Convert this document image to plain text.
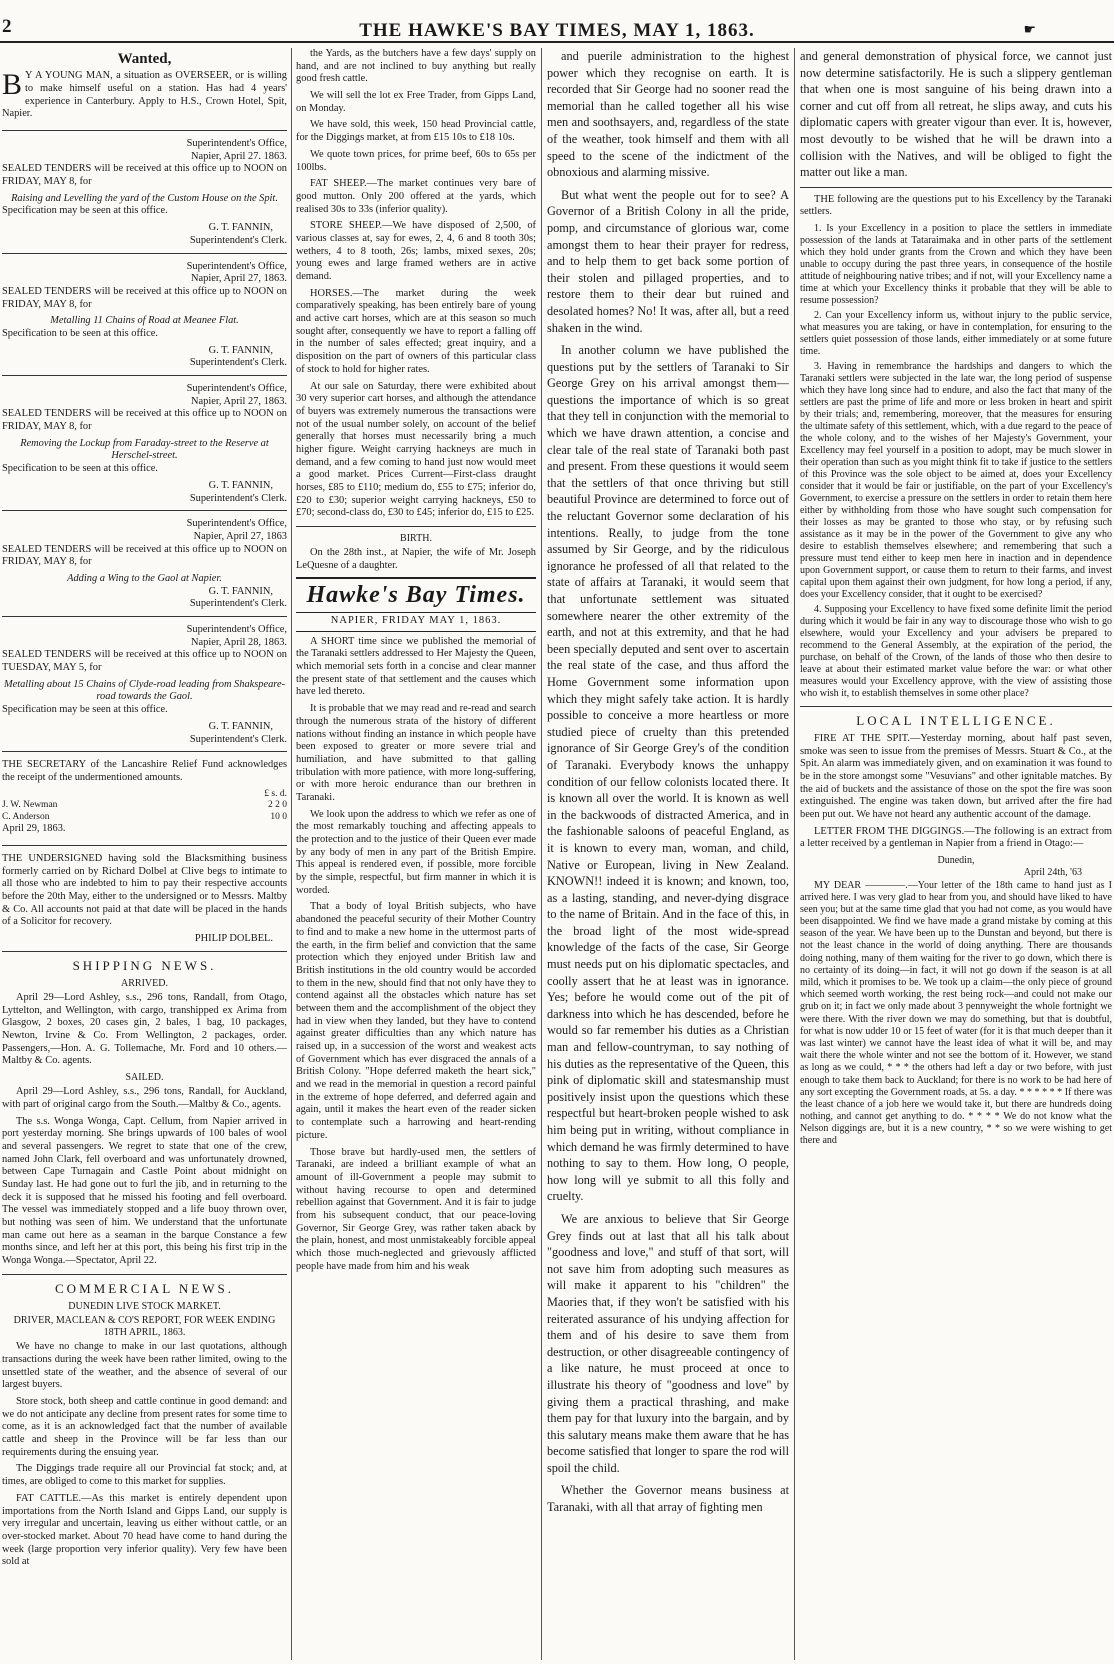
2	THE HAWKE'S BAY TIMES, MAY 1, 1863.	☛
Wanted,

B Y A YOUNG MAN, a situation as OVERSEER, or is willing to make himself useful on a station. Has had 4 years' experience in Canterbury. Apply to H.S., Crown Hotel, Spit, Napier.

Superintendent's Office,
Napier, April 27. 1863.

SEALED TENDERS will be received at this office up to NOON on FRIDAY, MAY 8, for

Raising and Levelling the yard of the Custom House on the Spit.

Specification may be seen at this office.

G. T. FANNIN,
Superintendent's Clerk.
Superintendent's Office,
Napier, April 27, 1863.

SEALED TENDERS will be received at this office up to NOON on FRIDAY, MAY 8, for

Metalling 11 Chains of Road at Meanee Flat.

Specification to be seen at this office.

G. T. FANNIN,
Superintendent's Clerk.
Superintendent's Office,
Napier, April 27, 1863.

SEALED TENDERS will be received at this office up to NOON on FRIDAY, MAY 8, for

Removing the Lockup from Faraday-street to the Reserve at Herschel-street.

Specification to be seen at this office.

G. T. FANNIN,
Superintendent's Clerk.
Superintendent's Office,
Napier, April 27, 1863

SEALED TENDERS will be received at this office up to NOON on FRIDAY, MAY 8, for

Adding a Wing to the Gaol at Napier.
G. T. FANNIN,
Superintendent's Clerk.
Superintendent's Office,
Napier, April 28, 1863.

SEALED TENDERS will be received at this office up to NOON on TUESDAY, MAY 5, for

Metalling about 15 Chains of Clyde-road leading from Shakspeare-road towards the Gaol.

Specification may be seen at this office.

G. T. FANNIN,
Superintendent's Clerk.

THE SECRETARY of the Lancashire Relief Fund acknowledges the receipt of the undermentioned amounts.

	£ s. d.
J. W. Newman	2 2 0
C. Anderson	10 0

April 29, 1863.

THE UNDERSIGNED having sold the Blacksmithing business formerly carried on by Richard Dolbel at Clive begs to intimate to all those who are indebted to him to pay their respective accounts before the 20th May, either to the undersigned or to Messrs. Maltby & Co. All accounts not paid at that date will be placed in the hands of a Solicitor for recovery.

PHILIP DOLBEL.
SHIPPING NEWS.
ARRIVED.

April 29—Lord Ashley, s.s., 296 tons, Randall, from Otago, Lyttelton, and Wellington, with cargo, transhipped ex Arima from Glasgow, 2 boxes, 20 cases gin, 2 bales, 1 bag, 10 packages, Newton, Irvine & Co. From Wellington, 2 packages, order. Passengers,—Hon. A. G. Tollemache, Mr. Ford and 10 others.—Maltby & Co. agents.

SAILED.

April 29—Lord Ashley, s.s., 296 tons, Randall, for Auckland, with part of original cargo from the South.—Maltby & Co., agents.

The s.s. Wonga Wonga, Capt. Cellum, from Napier arrived in port yesterday morning. She brings upwards of 100 bales of wool and several passengers. We regret to state that one of the crew, named John Clark, fell overboard and was unfortunately drowned, between Cape Turnagain and Castle Point about midnight on Sunday last. He had gone out to furl the jib, and in returning to the deck it is supposed that he missed his footing and fell overboard. The vessel was immediately stopped and a life buoy thrown over, but nothing was seen of him. We understand that the unfortunate man came out here as a seaman in the barque Constance a few months since, and left her at this port, this being his first trip in the Wonga Wonga.—Spectator, April 22.

COMMERCIAL NEWS.
DUNEDIN LIVE STOCK MARKET.
DRIVER, MACLEAN & CO'S REPORT, FOR WEEK ENDING 18TH APRIL, 1863.

We have no change to make in our last quotations, although transactions during the week have been rather limited, owing to the unsettled state of the weather, and the absence of several of our largest buyers.

Store stock, both sheep and cattle continue in good demand: and we do not anticipate any decline from present rates for some time to come, as it is an acknowledged fact that the number of available cattle and sheep in the Province will be far less than our requirements during the ensuing year.

The Diggings trade require all our Provincial fat stock; and, at times, are obliged to come to this market for supplies.

FAT CATTLE.—As this market is entirely dependent upon importations from the North Island and Gipps Land, our supply is very irregular and uncertain, leaving us either without cattle, or an over-stocked market. About 70 head have come to hand during the week (large proportion very inferior quality). Very few have been sold at

the Yards, as the butchers have a few days' supply on hand, and are not inclined to buy anything but really good fresh cattle.

We will sell the lot ex Free Trader, from Gipps Land, on Monday.

We have sold, this week, 150 head Provincial cattle, for the Diggings market, at from £15 10s to £18 10s.

We quote town prices, for prime beef, 60s to 65s per 100lbs.

FAT SHEEP.—The market continues very bare of good mutton. Only 200 offered at the yards, which realised 30s to 33s (inferior quality).

STORE SHEEP.—We have disposed of 2,500, of various classes at, say for ewes, 2, 4, 6 and 8 tooth 30s; wethers, 4 to 8 tooth, 26s; lambs, mixed sexes, 20s; young ewes and large framed wethers are in active demand.

HORSES.—The market during the week comparatively speaking, has been entirely bare of young and active cart horses, which are at this season so much sought after, consequently we have to report a falling off in the number of sales effected; great inquiry, and a disposition on the part of owners of this particular class of stock to hold for higher rates.

At our sale on Saturday, there were exhibited about 30 very superior cart horses, and although the attendance of buyers was extremely numerous the transactions were not of the usual number solely, on account of the belief generally that horses must necessarily bring a much higher figure. Weight carrying hackneys are much in demand, and a few coming to hand just now would meet a good market. Prices Current—First-class draught horses, £85 to £110; medium do, £55 to £75; inferior do, £20 to £30; superior weight carrying hackneys, £50 to £70; second-class do, £30 to £45; inferior do, £15 to £25.

BIRTH.

On the 28th inst., at Napier, the wife of Mr. Joseph LeQuesne of a daughter.

Hawke's Bay Times.
NAPIER, FRIDAY MAY 1, 1863.

A SHORT time since we published the memorial of the Taranaki settlers addressed to Her Majesty the Queen, which memorial sets forth in a concise and clear manner the present state of that settlement and the causes which have led thereto.

It is probable that we may read and re-read and search through the numerous strata of the history of different nations without finding an instance in which people have been exposed to greater or more severe trial and humiliation, and have submitted to that galling tribulation with more patience, with more long-suffering, or with more heroic endurance than our brethren in Taranaki.

We look upon the address to which we refer as one of the most remarkably touching and affecting appeals to the protection and to the justice of their Queen ever made by any body of men in any part of the British Empire. This appeal is rendered even, if possible, more forcible by the simple, respectful, but firm manner in which it is worded.

That a body of loyal British subjects, who have abandoned the peaceful security of their Mother Country to find and to make a new home in the uttermost parts of the earth, in the firm belief and conviction that the same protection which they enjoyed under British law and British institutions in the old country would be accorded to them in the new, should find that not only have they to contend against all the obstacles which nature has set between them and the accomplishment of the object they had in view when they landed, but they have to contend against greater difficulties than any which nature has raised up, in a succession of the worst and weakest acts of Government which has ever disgraced the annals of a British Colony. "Hope deferred maketh the heart sick," and we read in the memorial in question a record painful in the extreme of hope deferred, and deferred again and again, until it makes the heart even of the reader sicken to contemplate such a harrowing and heart-rending picture.

Those brave but hardly-used men, the settlers of Taranaki, are indeed a brilliant example of what an amount of ill-Government a people may submit to without having recourse to open and determined rebellion against that Government. And it is fair to judge from his subsequent conduct, that our peace-loving Governor, Sir George Grey, was rather taken aback by the plain, honest, and most unmistakeably forcible appeal which those much-neglected and grievously afflicted people have made from him and his weak

and puerile administration to the highest power which they recognise on earth. It is recorded that Sir George had no sooner read the memorial than he called together all his wise men and soothsayers, and, regardless of the state of the weather, took himself and them with all speed to the scene of the indictment of the obnoxious and alarming missive.

But what went the people out for to see? A Governor of a British Colony in all the pride, pomp, and circumstance of glorious war, come amongst them to hear their prayer for redress, and to help them to get back some portion of their stolen and pillaged properties, and to restore them to their dear but ruined and desolated homes? No! It was, after all, but a reed shaken in the wind.

In another column we have published the questions put by the settlers of Taranaki to Sir George Grey on his arrival amongst them—questions the importance of which is so great that they tell in conjunction with the memorial to which we have drawn attention, a concise and clear tale of the real state of Taranaki both past and present. From these questions it would seem that the settlers of that once thriving but still beautiful Province are determined to force out of the reluctant Governor some declaration of his intentions. Really, to judge from the tone assumed by Sir George, and by the ridiculous ignorance he professed of all that related to the state of affairs at Taranaki, it would seem that that unfortunate settlement was situated somewhere nearer the other extremity of the earth, and not at this extremity, and that he had been specially deputed and sent over to ascertain the real state of the case, and thus afford the Home Government some information upon which they might safely take action. It is hardly possible to conceive a more heartless or more studied piece of cruelty than this pretended ignorance of Sir George Grey's of the condition of Taranaki. Everybody knows the unhappy condition of our fellow colonists located there. It is known all over the world. It is known as well in the backwoods of distracted America, and in the fashionable saloons of peaceful England, as it is known to every man, woman, and child, Native or European, living in New Zealand. KNOWN!! indeed it is known; and known, too, as a lasting, standing, and never-dying disgrace to the name of Britain. And in the face of this, in the broad light of the most wide-spread knowledge of the facts of the case, Sir George must needs put on his diplomatic spectacles, and coolly assert that he at least was in ignorance. Yes; before he would come out of the pit of darkness into which he has descended, before he would so far remember his duties as a Christian man and fellow-countryman, to say nothing of his duties as the representative of the Queen, this pink of diplomatic skill and statesmanship must positively insist upon the questions which these respectful but heart-broken people wished to ask him being put in writing, without compliance in which demand he was firmly determined to have nothing to say to them. How long, O people, how long will ye submit to all this folly and cruelty.

We are anxious to believe that Sir George Grey finds out at last that all his talk about "goodness and love," and stuff of that sort, will not save him from adopting such measures as will make it apparent to his "children" the Maories that, if they won't be satisfied with his reiterated assurance of his undying affection for them and of his desire to save them from destruction, or other disagreeable contingency of a like nature, he must proceed at once to illustrate his theory of "goodness and love" by giving them a practical thrashing, and make them pay for that luxury into the bargain, and by this salutary means make them aware that he has become satisfied that longer to spare the rod will spoil the child.

Whether the Governor means business at Taranaki, with all that array of fighting men

and general demonstration of physical force, we cannot just now determine satisfactorily. He is such a slippery gentleman that when one is most sanguine of his being drawn into a corner and cut off from all retreat, he slips away, and cuts his diplomatic capers with greater vigour than ever. It is, however, most devoutly to be wished that he will be drawn into a collision with the Natives, and will be obliged to fight the matter out like a man.

THE following are the questions put to his Excellency by the Taranaki settlers.

1. Is your Excellency in a position to place the settlers in immediate possession of the lands at Tataraimaka and in other parts of the settlement which they hold under grants from the Crown and which they have been unable to occupy during the past three years, in consequence of the hostile attitude of neighbouring native tribes; and if not, will your Excellency name a time at which your Excellency thinks it probable that they will be able to resume possession?
2. Can your Excellency inform us, without injury to the public service, what measures you are taking, or have in contemplation, for ensuring to the settlers quiet possession of those lands, either immediately or at some future time.
3. Having in remembrance the hardships and dangers to which the Taranaki settlers were subjected in the late war, the long period of suspense which they have long since had to endure, and also the fact that many of the settlers are past the prime of life and more or less broken in heart and spirit by their trials; and, remembering, moreover, that the measures for ensuring the ultimate safety of this settlement, which, with a due regard to the peace of the whole colony, and to the wishes of her Majesty's Government, your Excellency may feel yourself in a position to adopt, may be much slower in their operation than such as you might think fit to take if justice to the settlers of this Province was the sole object to be aimed at, does your Excellency consider that it would be fair or justifiable, on the part of your Excellency's Government, to exercise a pressure on the settlers in order to retain them here either by withholding from those who have sought such compensation for their losses as may be granted to those who stay, or by refusing such assistance as it may be in the power of the Government to give any who desire to establish themselves elsewhere; and remembering that such a pressure must tend either to keep men here in inaction and in dependence upon Government support, or cause them to return to their farms, and invest capital upon them against their own judgment, for how long a period, if any, does your Excellency consider, that it ought to be exercised?
4. Supposing your Excellency to have fixed some definite limit the period during which it would be fair in any way to discourage those who wish to go elsewhere, would your Excellency and your advisers be prepared to recommend to the General Assembly, at the expiration of the period, the purchase, on behalf of the Crown, of the lands of those who then desire to leave at about their estimated market value before the war: or what other measures would your Excellency approve, with the view of assisting those who wish it, to establish themselves in some other place?
LOCAL INTELLIGENCE.

FIRE AT THE SPIT.—Yesterday morning, about half past seven, smoke was seen to issue from the premises of Messrs. Stuart & Co., at the Spit. An alarm was immediately given, and on examination it was found to be in the store amongst some "Vesuvians" and other ignitable matches. By the aid of buckets and the assistance of those on the spot the fire was soon extinguished. The engine was taken down, but arrived after the fire had been put out. We have not heard any authentic account of the damage.

LETTER FROM THE DIGGINGS.—The following is an extract from a letter received by a gentleman in Napier from a friend in Otago:—

Dunedin,
April 24th, '63

MY DEAR ————.—Your letter of the 18th came to hand just as I arrived here. I was very glad to hear from you, and should have liked to have seen you; but at the same time glad that you had not come, as you would have been disappointed. We find we have made a grand mistake by coming at this season of the year. We have been up to the Dunstan and beyond, but there is not the least chance in the world of doing anything. There are thousands doing nothing, many of them waiting for the river to go down, which there is no certainty of its doing—in fact, it will not go down if the season is at all mild, which it promises to be. We took up a claim—the only piece of ground which seemed worth working, the rest being rock—and could not make our grub on it; in fact we only made about 3 pennyweight the whole fortnight we were there. With the river down we may do something, but that is doubtful, for what is now udder 10 or 15 feet of water (for it is that much deeper than it was last winter) we cannot have the least idea of what it will be, and may wait there the whole winter and not see the bottom of it. However, we stand as long as we could, * * * the others had left a day or two before, with just enough to take them back to Auckland; for there is no work to be had here of any sort excepting the Government roads, at 5s. a day. * * * * * * If there was the least chance of a job here we would take it, but there are hundreds doing nothing, and cannot get anything to do. * * * * We do not know what the Nelson diggings are, but it is a new country, * * so we were wishing to get there and
